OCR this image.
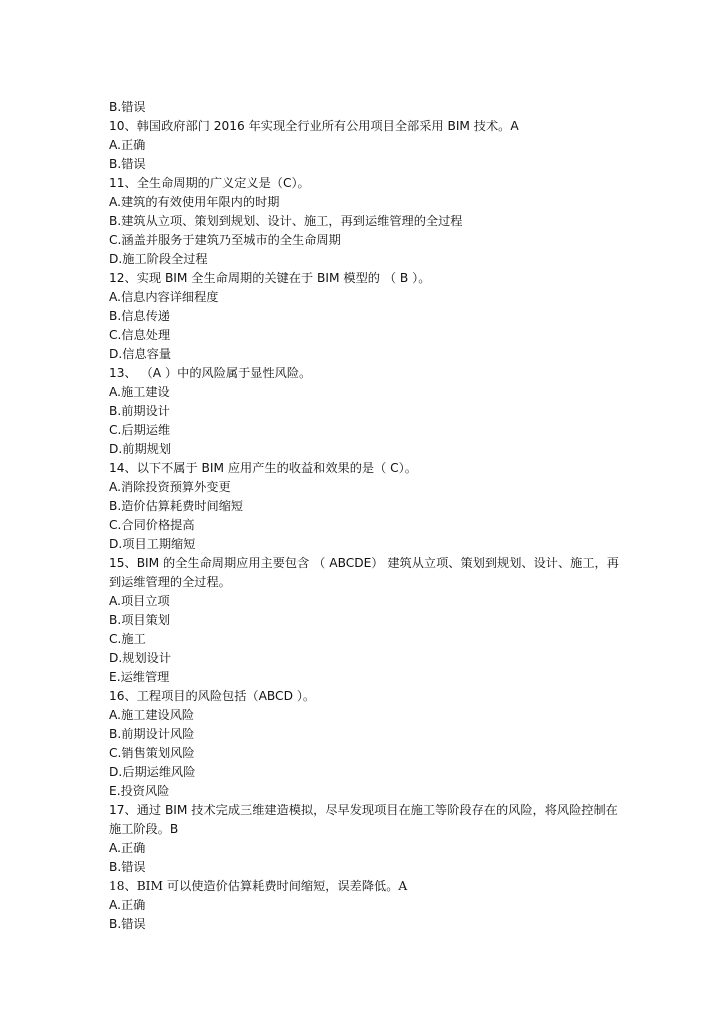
B.错误
10、韩国政府部门 2016 年实现全行业所有公用项目全部采用 BIM 技术。A
A.正确
B.错误
11、全生命周期的广义定义是（C）。
A.建筑的有效使用年限内的时期
B.建筑从立项、策划到规划、设计、施工，再到运维管理的全过程
C.涵盖并服务于建筑乃至城市的全生命周期
D.施工阶段全过程
12、实现 BIM 全生命周期的关键在于 BIM 模型的 （ B ）。
A.信息内容详细程度
B.信息传递
C.信息处理
D.信息容量
13、 （A ）中的风险属于显性风险。
A.施工建设
B.前期设计
C.后期运维
D.前期规划
14、以下不属于 BIM 应用产生的收益和效果的是（ C）。
A.消除投资预算外变更
B.造价估算耗费时间缩短
C.合同价格提高
D.项目工期缩短
15、BIM 的全生命周期应用主要包含 （ ABCDE） 建筑从立项、策划到规划、设计、施工，再到运维管理的全过程。
A.项目立项
B.项目策划
C.施工
D.规划设计
E.运维管理
16、工程项目的风险包括（ABCD ）。
A.施工建设风险
B.前期设计风险
C.销售策划风险
D.后期运维风险
E.投资风险
17、通过 BIM 技术完成三维建造模拟，尽早发现项目在施工等阶段存在的风险，将风险控制在施工阶段。B
A.正确
B.错误
18、BIM 可以使造价估算耗费时间缩短，误差降低。A
A.正确
B.错误
